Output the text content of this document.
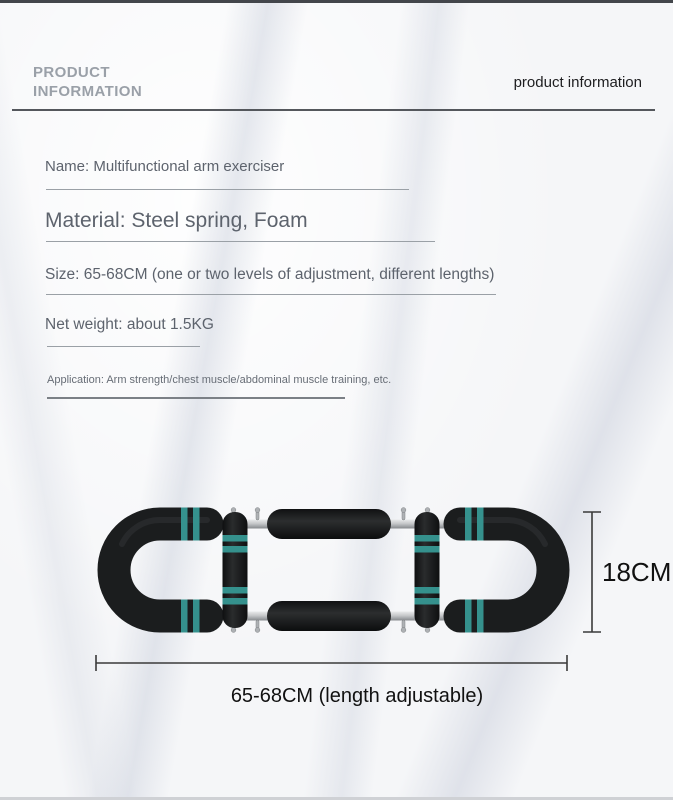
PRODUCT
INFORMATION
product information
Name: Multifunctional arm exerciser
Material: Steel spring, Foam
Size: 65-68CM (one or two levels of adjustment, different lengths)
Net weight: about 1.5KG
Application: Arm strength/chest muscle/abdominal muscle training, etc.
18CM
65-68CM (length adjustable)
